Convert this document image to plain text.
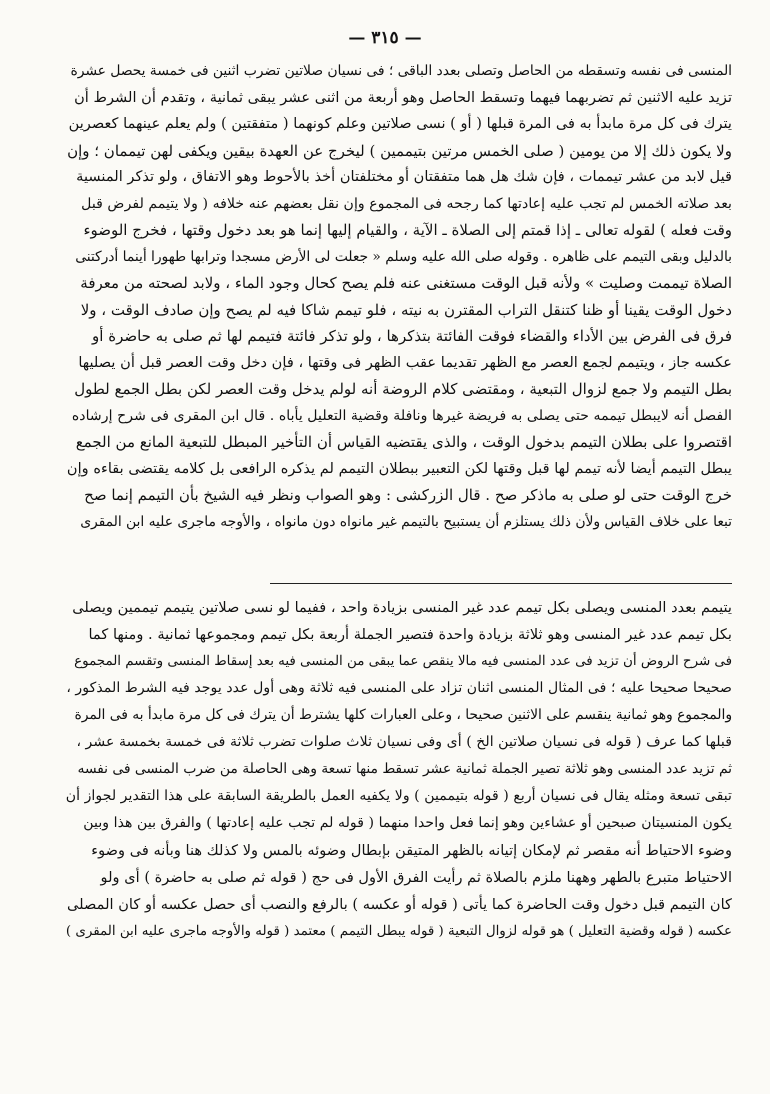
— ٣١٥ —
المنسى فى نفسه وتسقطه من الحاصل وتصلى بعدد الباقى ؛ فى نسيان صلاتين تضرب اثنين فى خمسة يحصل عشرة
تزيد عليه الاثنين ثم تضربهما فيهما وتسقط الحاصل وهو أربعة من اثنى عشر يبقى ثمانية ، وتقدم أن الشرط أن
يترك فى كل مرة مابدأ به فى المرة قبلها ( أو ) نسى صلاتين وعلم كونهما ( متفقتين ) ولم يعلم عينهما كعصرين
ولا يكون ذلك إلا من يومين ( صلى الخمس مرتين بتيممين ) ليخرج عن العهدة بيقين ويكفى لهن تيممان ؛ وإن
قيل لابد من عشر تيممات ، فإن شك هل هما متفقتان أو مختلفتان أخذ بالأحوط وهو الاتفاق ، ولو تذكر المنسية
بعد صلاته الخمس لم تجب عليه إعادتها كما رجحه فى المجموع وإن نقل بعضهم عنه خلافه ( ولا يتيمم لفرض قبل
وقت فعله ) لقوله تعالى ـ إذا قمتم إلى الصلاة ـ الآية ، والقيام إليها إنما هو بعد دخول وقتها ، فخرج الوضوء
بالدليل وبقى التيمم على ظاهره . وقوله صلى الله عليه وسلم « جعلت لى الأرض مسجدا وترابها طهورا أينما أدركتنى
الصلاة تيممت وصليت » ولأنه قبل الوقت مستغنى عنه فلم يصح كحال وجود الماء ، ولابد لصحته من معرفة
دخول الوقت يقينا أو ظنا كتنقل التراب المقترن به نيته ، فلو تيمم شاكا فيه لم يصح وإن صادف الوقت ، ولا
فرق فى الفرض بين الأداء والقضاء فوقت الفائتة بتذكرها ، ولو تذكر فائتة فتيمم لها ثم صلى به حاضرة أو
عكسه جاز ، ويتيمم لجمع العصر مع الظهر تقديما عقب الظهر فى وقتها ، فإن دخل وقت العصر قبل أن يصليها
بطل التيمم ولا جمع لزوال التبعية ، ومقتضى كلام الروضة أنه لولم يدخل وقت العصر لكن بطل الجمع لطول
الفصل أنه لايبطل تيممه حتى يصلى به فريضة غيرها ونافلة وقضية التعليل يأباه . قال ابن المقرى فى شرح إرشاده
اقتصروا على بطلان التيمم بدخول الوقت ، والذى يقتضيه القياس أن التأخير المبطل للتبعية المانع من الجمع
يبطل التيمم أيضا لأنه تيمم لها قبل وقتها لكن التعبير ببطلان التيمم لم يذكره الرافعى بل كلامه يقتضى بقاءه وإن
خرج الوقت حتى لو صلى به ماذكر صح . قال الزركشى : وهو الصواب ونظر فيه الشيخ بأن التيمم إنما صح
تبعا على خلاف القياس ولأن ذلك يستلزم أن يستبيح بالتيمم غير مانواه دون مانواه ، والأوجه ماجرى عليه ابن المقرى
يتيمم بعدد المنسى ويصلى بكل تيمم عدد غير المنسى بزيادة واحد ، ففيما لو نسى صلاتين يتيمم تيممين ويصلى
بكل تيمم عدد غير المنسى وهو ثلاثة بزيادة واحدة فتصير الجملة أربعة بكل تيمم ومجموعها ثمانية . ومنها كما
فى شرح الروض أن تزيد فى عدد المنسى فيه مالا ينقص عما يبقى من المنسى فيه بعد إسقاط المنسى وتقسم المجموع
صحيحا صحيحا عليه ؛ فى المثال المنسى اثنان تزاد على المنسى فيه ثلاثة وهى أول عدد يوجد فيه الشرط المذكور ،
والمجموع وهو ثمانية ينقسم على الاثنين صحيحا ، وعلى العبارات كلها يشترط أن يترك فى كل مرة مابدأ به فى المرة
قبلها كما عرف ( قوله فى نسيان صلاتين الخ ) أى وفى نسيان ثلاث صلوات تضرب ثلاثة فى خمسة بخمسة عشر ،
ثم تزيد عدد المنسى وهو ثلاثة تصير الجملة ثمانية عشر تسقط منها تسعة وهى الحاصلة من ضرب المنسى فى نفسه
تبقى تسعة ومثله يقال فى نسيان أربع ( قوله بتيممين ) ولا يكفيه العمل بالطريقة السابقة على هذا التقدير لجواز أن
يكون المنسيتان صبحين أو عشاءين وهو إنما فعل واحدا منهما ( قوله لم تجب عليه إعادتها ) والفرق بين هذا وبين
وضوء الاحتياط أنه مقصر ثم لإمكان إتيانه بالظهر المتيقن بإبطال وضوئه بالمس ولا كذلك هنا وبأنه فى وضوء
الاحتياط متبرع بالطهر وههنا ملزم بالصلاة ثم رأيت الفرق الأول فى حج ( قوله ثم صلى به حاضرة ) أى ولو
كان التيمم قبل دخول وقت الحاضرة كما يأتى ( قوله أو عكسه ) بالرفع والنصب أى حصل عكسه أو كان المصلى
عكسه ( قوله وقضية التعليل ) هو قوله لزوال التبعية ( قوله يبطل التيمم ) معتمد ( قوله والأوجه ماجرى عليه ابن المقرى )
